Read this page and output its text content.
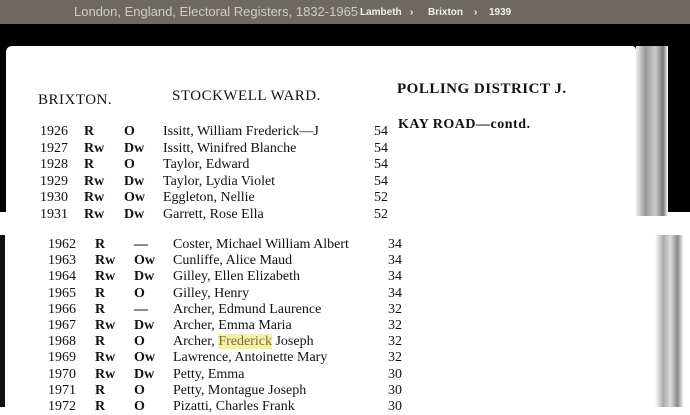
London, England, Electoral Registers, 1832-1965 Lambeth › Brixton › 1939
BRIXTON.	STOCKWELL WARD.	POLLING DISTRICT J.
KAY ROAD—contd.
1926 R O Issitt, William Frederick—J	54
1927 Rw Dw Issitt, Winifred Blanche	54
1928 R O Taylor, Edward	54
1929 Rw Dw Taylor, Lydia Violet	54
1930 Rw Ow Eggleton, Nellie	52
1931 Rw Dw Garrett, Rose Ella	52
1962 R — Coster, Michael William Albert	34
1963 Rw Ow Cunliffe, Alice Maud	34
1964 Rw Dw Gilley, Ellen Elizabeth	34
1965 R O Gilley, Henry	34
1966 R — Archer, Edmund Laurence	32
1967 Rw Dw Archer, Emma Maria	32
1968 R O Archer, Frederick Joseph	32
1969 Rw Ow Lawrence, Antoinette Mary	32
1970 Rw Dw Petty, Emma	30
1971 R O Petty, Montague Joseph	30
1972 R O Pizatti, Charles Frank	30
